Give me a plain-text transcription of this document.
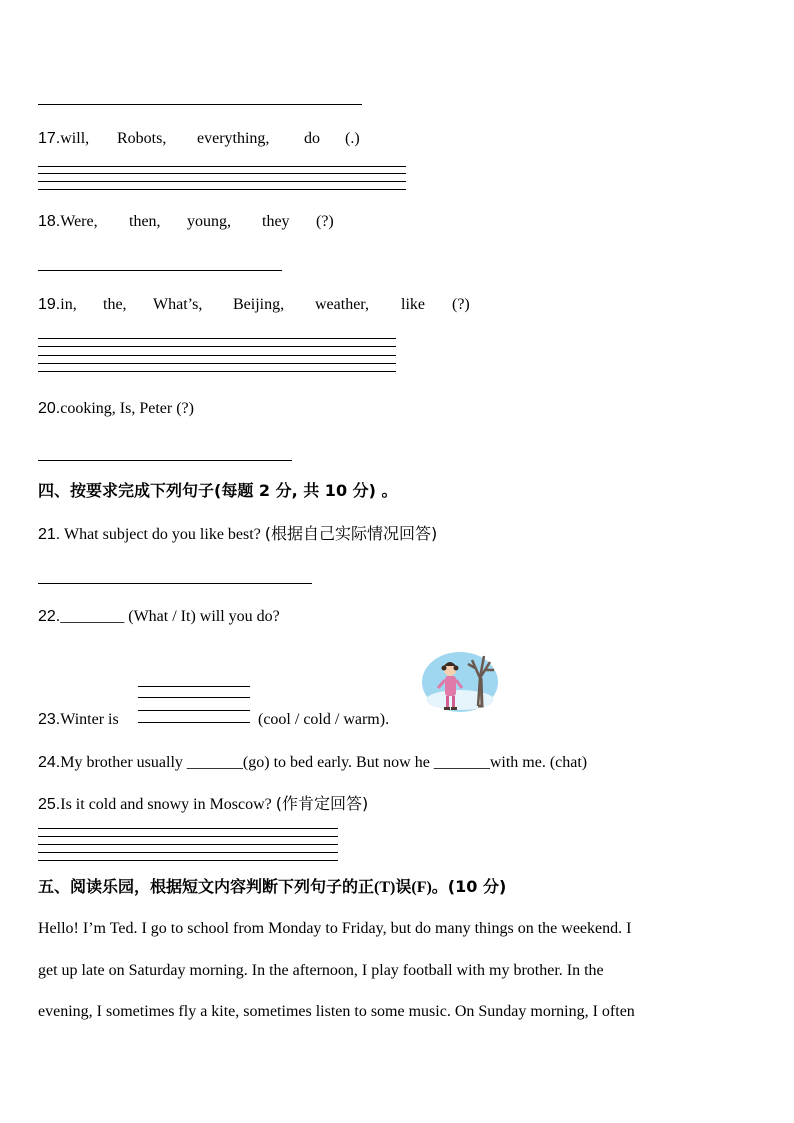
17.will, Robots, everything, do (.)
18.Were, then, young, they (?)
19.in, the, What’s, Beijing, weather, like (?)
20.cooking, Is, Peter (?)
四、按要求完成下列句子(每题 2 分, 共 10 分) 。
21. What subject do you like best? (根据自己实际情况回答)
22.________ (What / It) will you do?
23.Winter is	(cool / cold / warm).
24.My brother usually _______(go) to bed early. But now he _______with me. (chat)
25.Is it cold and snowy in Moscow? (作肯定回答)
五、阅读乐园，根据短文内容判断下列句子的正(T)误(F)。(10 分)
Hello! I’m Ted. I go to school from Monday to Friday, but do many things on the weekend. I
get up late on Saturday morning. In the afternoon, I play football with my brother. In the
evening, I sometimes fly a kite, sometimes listen to some music. On Sunday morning, I often
